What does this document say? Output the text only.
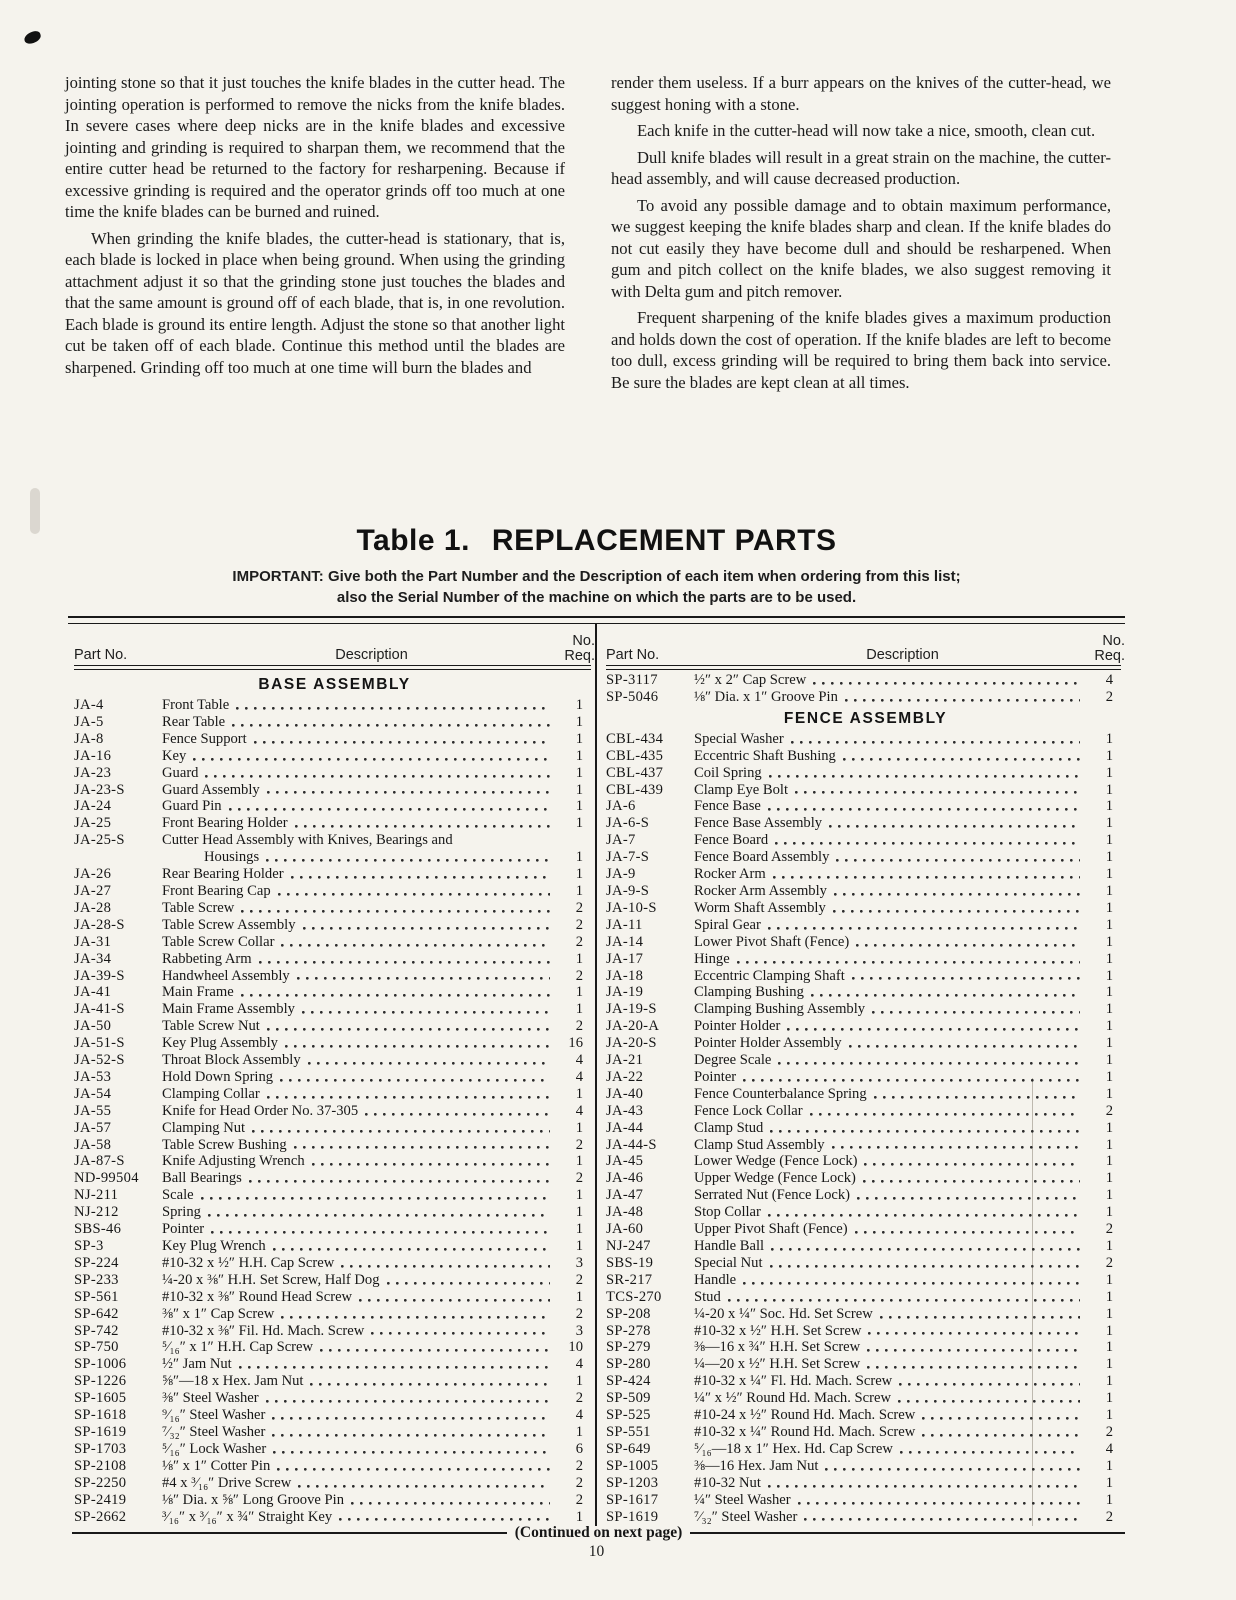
jointing stone so that it just touches the knife blades in the cutter head. The jointing operation is performed to remove the nicks from the knife blades. In severe cases where deep nicks are in the knife blades and excessive jointing and grinding is required to sharpan them, we recommend that the entire cutter head be returned to the factory for resharpening. Because if excessive grinding is required and the operator grinds off too much at one time the knife blades can be burned and ruined.

When grinding the knife blades, the cutter-head is stationary, that is, each blade is locked in place when being ground. When using the grinding attachment adjust it so that the grinding stone just touches the blades and that the same amount is ground off of each blade, that is, in one revolution. Each blade is ground its entire length. Adjust the stone so that another light cut be taken off of each blade. Continue this method until the blades are sharpened. Grinding off too much at one time will burn the blades and

render them useless. If a burr appears on the knives of the cutter-head, we suggest honing with a stone.

Each knife in the cutter-head will now take a nice, smooth, clean cut.

Dull knife blades will result in a great strain on the machine, the cutter-head assembly, and will cause decreased production.

To avoid any possible damage and to obtain maximum performance, we suggest keeping the knife blades sharp and clean. If the knife blades do not cut easily they have become dull and should be resharpened. When gum and pitch collect on the knife blades, we also suggest removing it with Delta gum and pitch remover.

Frequent sharpening of the knife blades gives a maximum production and holds down the cost of operation. If the knife blades are left to become too dull, excess grinding will be required to bring them back into service. Be sure the blades are kept clean at all times.

Table 1. REPLACEMENT PARTS
IMPORTANT: Give both the Part Number and the Description of each item when ordering from this list;
also the Serial Number of the machine on which the parts are to be used.
Part No.	Description
No.
Req.
BASE ASSEMBLY
JA-4	Front Table	1
JA-5	Rear Table	1
JA-8	Fence Support	1
JA-16	Key	1
JA-23	Guard	1
JA-23-S	Guard Assembly	1
JA-24	Guard Pin	1
JA-25	Front Bearing Holder	1
JA-25-S	Cutter Head Assembly with Knives, Bearings and
Housings	1
JA-26	Rear Bearing Holder	1
JA-27	Front Bearing Cap	1
JA-28	Table Screw	2
JA-28-S	Table Screw Assembly	2
JA-31	Table Screw Collar	2
JA-34	Rabbeting Arm	1
JA-39-S	Handwheel Assembly	2
JA-41	Main Frame	1
JA-41-S	Main Frame Assembly	1
JA-50	Table Screw Nut	2
JA-51-S	Key Plug Assembly	16
JA-52-S	Throat Block Assembly	4
JA-53	Hold Down Spring	4
JA-54	Clamping Collar	1
JA-55	Knife for Head Order No. 37-305	4
JA-57	Clamping Nut	1
JA-58	Table Screw Bushing	2
JA-87-S	Knife Adjusting Wrench	1
ND-99504	Ball Bearings	2
NJ-211	Scale	1
NJ-212	Spring	1
SBS-46	Pointer	1
SP-3	Key Plug Wrench	1
SP-224	#10-32 x ½″ H.H. Cap Screw	3
SP-233	¼-20 x ⅜″ H.H. Set Screw, Half Dog	2
SP-561	#10-32 x ⅜″ Round Head Screw	1
SP-642	⅜″ x 1″ Cap Screw	2
SP-742	#10-32 x ⅜″ Fil. Hd. Mach. Screw	3
SP-750	⁵⁄₁₆″ x 1″ H.H. Cap Screw	10
SP-1006	½″ Jam Nut	4
SP-1226	⅝″—18 x Hex. Jam Nut	1
SP-1605	⅜″ Steel Washer	2
SP-1618	⁹⁄₁₆″ Steel Washer	4
SP-1619	⁷⁄₃₂″ Steel Washer	1
SP-1703	⁵⁄₁₆″ Lock Washer	6
SP-2108	⅛″ x 1″ Cotter Pin	2
SP-2250	#4 x ³⁄₁₆″ Drive Screw	2
SP-2419	⅛″ Dia. x ⅝″ Long Groove Pin	2
SP-2662	³⁄₁₆″ x ³⁄₁₆″ x ¾″ Straight Key	1
Part No.	Description
No.
Req.
SP-3117	½″ x 2″ Cap Screw	4
SP-5046	⅛″ Dia. x 1″ Groove Pin	2
FENCE ASSEMBLY
CBL-434	Special Washer	1
CBL-435	Eccentric Shaft Bushing	1
CBL-437	Coil Spring	1
CBL-439	Clamp Eye Bolt	1
JA-6	Fence Base	1
JA-6-S	Fence Base Assembly	1
JA-7	Fence Board	1
JA-7-S	Fence Board Assembly	1
JA-9	Rocker Arm	1
JA-9-S	Rocker Arm Assembly	1
JA-10-S	Worm Shaft Assembly	1
JA-11	Spiral Gear	1
JA-14	Lower Pivot Shaft (Fence)	1
JA-17	Hinge	1
JA-18	Eccentric Clamping Shaft	1
JA-19	Clamping Bushing	1
JA-19-S	Clamping Bushing Assembly	1
JA-20-A	Pointer Holder	1
JA-20-S	Pointer Holder Assembly	1
JA-21	Degree Scale	1
JA-22	Pointer	1
JA-40	Fence Counterbalance Spring	1
JA-43	Fence Lock Collar	2
JA-44	Clamp Stud	1
JA-44-S	Clamp Stud Assembly	1
JA-45	Lower Wedge (Fence Lock)	1
JA-46	Upper Wedge (Fence Lock)	1
JA-47	Serrated Nut (Fence Lock)	1
JA-48	Stop Collar	1
JA-60	Upper Pivot Shaft (Fence)	2
NJ-247	Handle Ball	1
SBS-19	Special Nut	2
SR-217	Handle	1
TCS-270	Stud	1
SP-208	¼-20 x ¼″ Soc. Hd. Set Screw	1
SP-278	#10-32 x ½″ H.H. Set Screw	1
SP-279	⅜—16 x ¾″ H.H. Set Screw	1
SP-280	¼—20 x ½″ H.H. Set Screw	1
SP-424	#10-32 x ¼″ Fl. Hd. Mach. Screw	1
SP-509	¼″ x ½″ Round Hd. Mach. Screw	1
SP-525	#10-24 x ½″ Round Hd. Mach. Screw	1
SP-551	#10-32 x ¼″ Round Hd. Mach. Screw	2
SP-649	⁵⁄₁₆—18 x 1″ Hex. Hd. Cap Screw	4
SP-1005	⅜—16 Hex. Jam Nut	1
SP-1203	#10-32 Nut	1
SP-1617	¼″ Steel Washer	1
SP-1619	⁷⁄₃₂″ Steel Washer	2
(Continued on next page)
10
